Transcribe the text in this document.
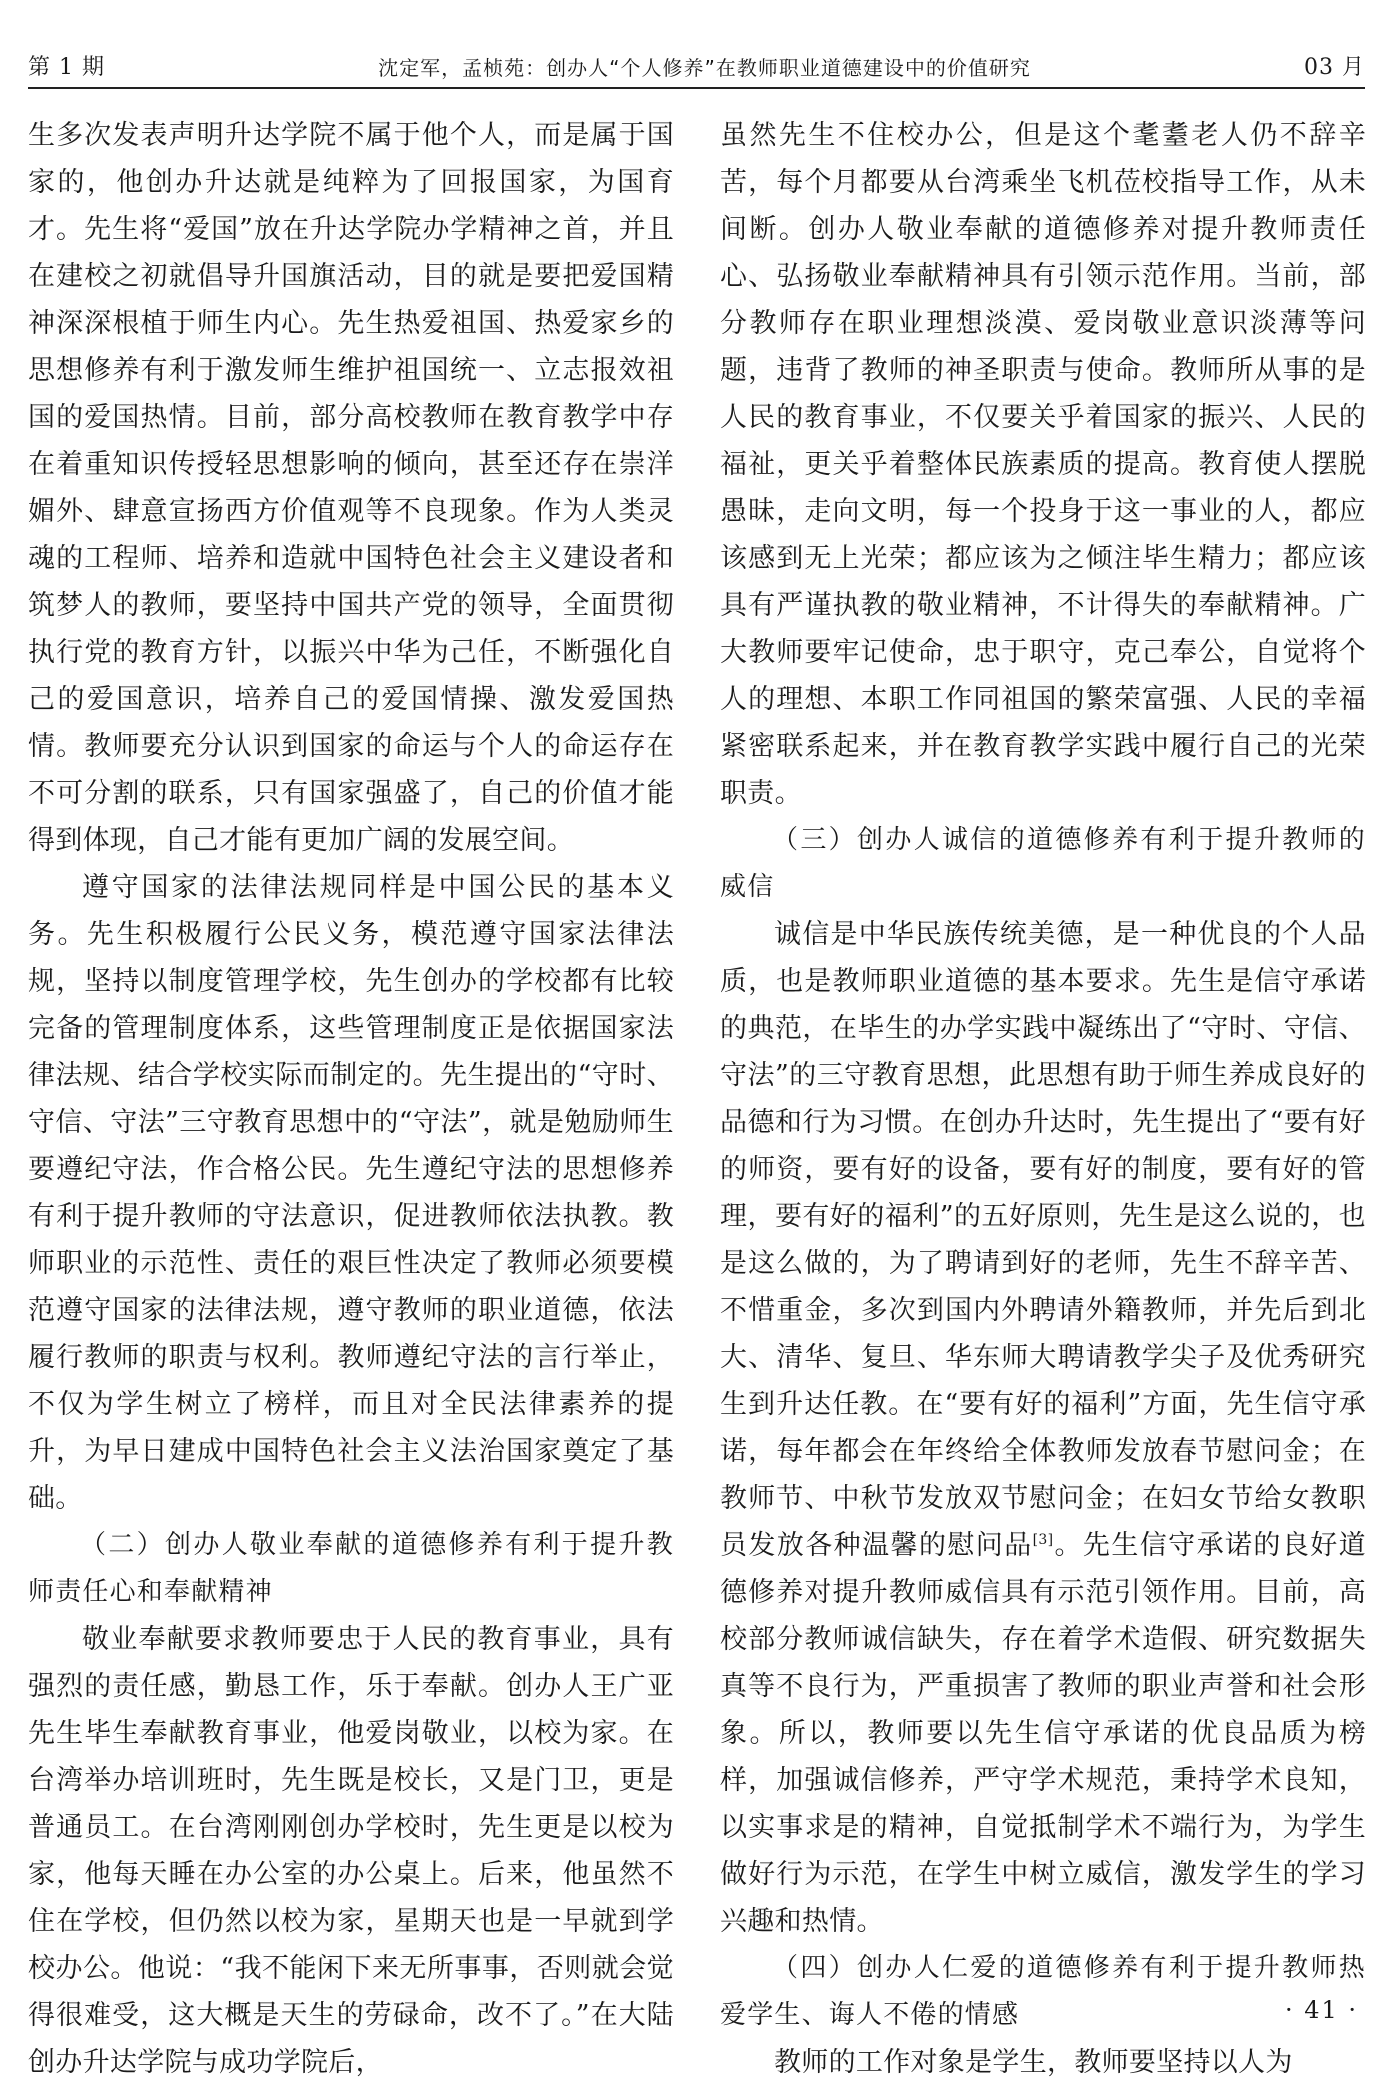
第 1 期	沈定军，孟桢苑：创办人“个人修养”在教师职业道德建设中的价值研究	03 月

生多次发表声明升达学院不属于他个人，而是属于国家的，他创办升达就是纯粹为了回报国家，为国育才。先生将“爱国”放在升达学院办学精神之首，并且在建校之初就倡导升国旗活动，目的就是要把爱国精神深深根植于师生内心。先生热爱祖国、热爱家乡的思想修养有利于激发师生维护祖国统一、立志报效祖国的爱国热情。目前，部分高校教师在教育教学中存在着重知识传授轻思想影响的倾向，甚至还存在崇洋媚外、肆意宣扬西方价值观等不良现象。作为人类灵魂的工程师、培养和造就中国特色社会主义建设者和筑梦人的教师，要坚持中国共产党的领导，全面贯彻执行党的教育方针，以振兴中华为己任，不断强化自己的爱国意识，培养自己的爱国情操、激发爱国热情。教师要充分认识到国家的命运与个人的命运存在不可分割的联系，只有国家强盛了，自己的价值才能得到体现，自己才能有更加广阔的发展空间。

遵守国家的法律法规同样是中国公民的基本义务。先生积极履行公民义务，模范遵守国家法律法规，坚持以制度管理学校，先生创办的学校都有比较完备的管理制度体系，这些管理制度正是依据国家法律法规、结合学校实际而制定的。先生提出的“守时、守信、守法”三守教育思想中的“守法”，就是勉励师生要遵纪守法，作合格公民。先生遵纪守法的思想修养有利于提升教师的守法意识，促进教师依法执教。教师职业的示范性、责任的艰巨性决定了教师必须要模范遵守国家的法律法规，遵守教师的职业道德，依法履行教师的职责与权利。教师遵纪守法的言行举止，不仅为学生树立了榜样，而且对全民法律素养的提升，为早日建成中国特色社会主义法治国家奠定了基础。

（二）创办人敬业奉献的道德修养有利于提升教师责任心和奉献精神

敬业奉献要求教师要忠于人民的教育事业，具有强烈的责任感，勤恳工作，乐于奉献。创办人王广亚先生毕生奉献教育事业，他爱岗敬业，以校为家。在台湾举办培训班时，先生既是校长，又是门卫，更是普通员工。在台湾刚刚创办学校时，先生更是以校为家，他每天睡在办公室的办公桌上。后来，他虽然不住在学校，但仍然以校为家，星期天也是一早就到学校办公。他说：“我不能闲下来无所事事，否则就会觉得很难受，这大概是天生的劳碌命，改不了。”在大陆创办升达学院与成功学院后，

虽然先生不住校办公，但是这个耄耋老人仍不辞辛苦，每个月都要从台湾乘坐飞机莅校指导工作，从未间断。创办人敬业奉献的道德修养对提升教师责任心、弘扬敬业奉献精神具有引领示范作用。当前，部分教师存在职业理想淡漠、爱岗敬业意识淡薄等问题，违背了教师的神圣职责与使命。教师所从事的是人民的教育事业，不仅要关乎着国家的振兴、人民的福祉，更关乎着整体民族素质的提高。教育使人摆脱愚昧，走向文明，每一个投身于这一事业的人，都应该感到无上光荣；都应该为之倾注毕生精力；都应该具有严谨执教的敬业精神，不计得失的奉献精神。广大教师要牢记使命，忠于职守，克己奉公，自觉将个人的理想、本职工作同祖国的繁荣富强、人民的幸福紧密联系起来，并在教育教学实践中履行自己的光荣职责。

（三）创办人诚信的道德修养有利于提升教师的威信

诚信是中华民族传统美德，是一种优良的个人品质，也是教师职业道德的基本要求。先生是信守承诺的典范，在毕生的办学实践中凝练出了“守时、守信、守法”的三守教育思想，此思想有助于师生养成良好的品德和行为习惯。在创办升达时，先生提出了“要有好的师资，要有好的设备，要有好的制度，要有好的管理，要有好的福利”的五好原则，先生是这么说的，也是这么做的，为了聘请到好的老师，先生不辞辛苦、不惜重金，多次到国内外聘请外籍教师，并先后到北大、清华、复旦、华东师大聘请教学尖子及优秀研究生到升达任教。在“要有好的福利”方面，先生信守承诺，每年都会在年终给全体教师发放春节慰问金；在教师节、中秋节发放双节慰问金；在妇女节给女教职员发放各种温馨的慰问品[3]。先生信守承诺的良好道德修养对提升教师威信具有示范引领作用。目前，高校部分教师诚信缺失，存在着学术造假、研究数据失真等不良行为，严重损害了教师的职业声誉和社会形象。所以，教师要以先生信守承诺的优良品质为榜样，加强诚信修养，严守学术规范，秉持学术良知，以实事求是的精神，自觉抵制学术不端行为，为学生做好行为示范，在学生中树立威信，激发学生的学习兴趣和热情。

（四）创办人仁爱的道德修养有利于提升教师热爱学生、诲人不倦的情感

教师的工作对象是学生，教师要坚持以人为

· 41 ·
